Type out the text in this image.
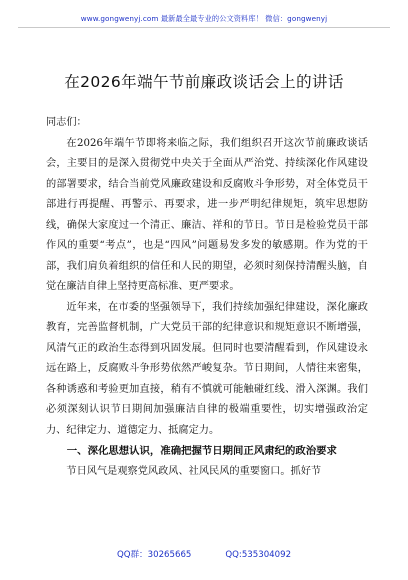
www.gongwenyj.com 最新最全最专业的公文资料库！ 微信：gongwenyj
在2026年端午节前廉政谈话会上的讲话

同志们：

在2026年端午节即将来临之际，我们组织召开这次节前廉政谈话会，主要目的是深入贯彻党中央关于全面从严治党、持续深化作风建设的部署要求，结合当前党风廉政建设和反腐败斗争形势，对全体党员干部进行再提醒、再警示、再要求，进一步严明纪律规矩，筑牢思想防线，确保大家度过一个清正、廉洁、祥和的节日。节日是检验党员干部作风的重要“考点”，也是“四风”问题易发多发的敏感期。作为党的干部，我们肩负着组织的信任和人民的期望，必须时刻保持清醒头脑，自觉在廉洁自律上坚持更高标准、更严要求。

近年来，在市委的坚强领导下，我们持续加强纪律建设，深化廉政教育，完善监督机制，广大党员干部的纪律意识和规矩意识不断增强，风清气正的政治生态得到巩固发展。但同时也要清醒看到，作风建设永远在路上，反腐败斗争形势依然严峻复杂。节日期间，人情往来密集，各种诱惑和考验更加直接，稍有不慎就可能触碰红线、滑入深渊。我们必须深刻认识节日期间加强廉洁自律的极端重要性，切实增强政治定力、纪律定力、道德定力、抵腐定力。

一、深化思想认识，准确把握节日期间正风肃纪的政治要求

节日风气是观察党风政风、社风民风的重要窗口。抓好节

QQ群：30265665	QQ:535304092
